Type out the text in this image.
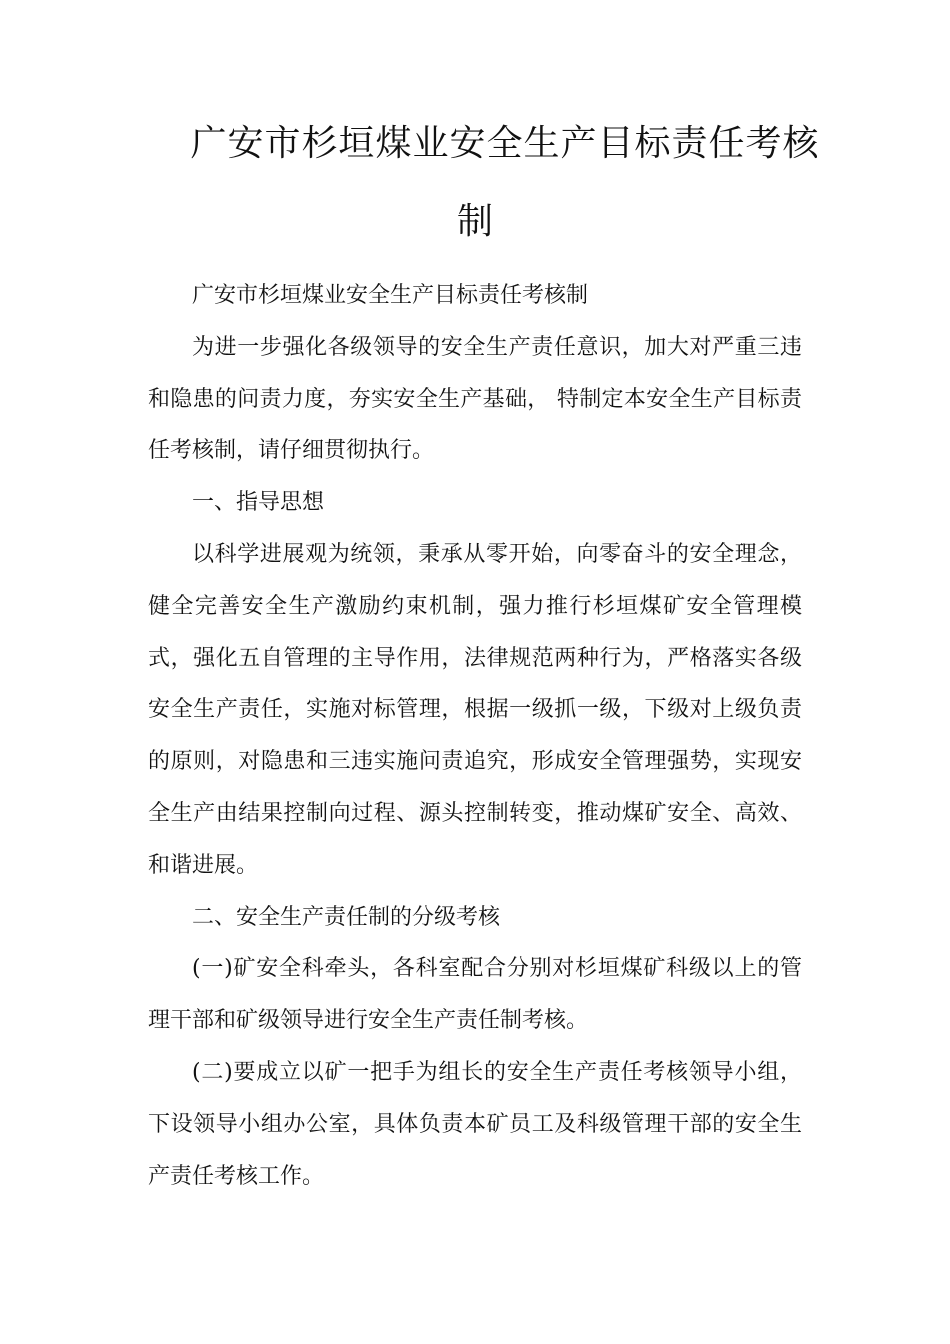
广安市杉垣煤业安全生产目标责任考核
制

广安市杉垣煤业安全生产目标责任考核制

为进一步强化各级领导的安全生产责任意识，加大对严重三违和隐患的问责力度，夯实安全生产基础， 特制定本安全生产目标责任考核制，请仔细贯彻执行。

一、指导思想

以科学进展观为统领，秉承从零开始，向零奋斗的安全理念，健全完善安全生产激励约束机制，强力推行杉垣煤矿安全管理模式，强化五自管理的主导作用，法律规范两种行为，严格落实各级安全生产责任，实施对标管理，根据一级抓一级，下级对上级负责的原则，对隐患和三违实施问责追究，形成安全管理强势，实现安全生产由结果控制向过程、源头控制转变，推动煤矿安全、高效、和谐进展。

二、安全生产责任制的分级考核

(一)矿安全科牵头，各科室配合分别对杉垣煤矿科级以上的管理干部和矿级领导进行安全生产责任制考核。

(二)要成立以矿一把手为组长的安全生产责任考核领导小组，下设领导小组办公室，具体负责本矿员工及科级管理干部的安全生产责任考核工作。
